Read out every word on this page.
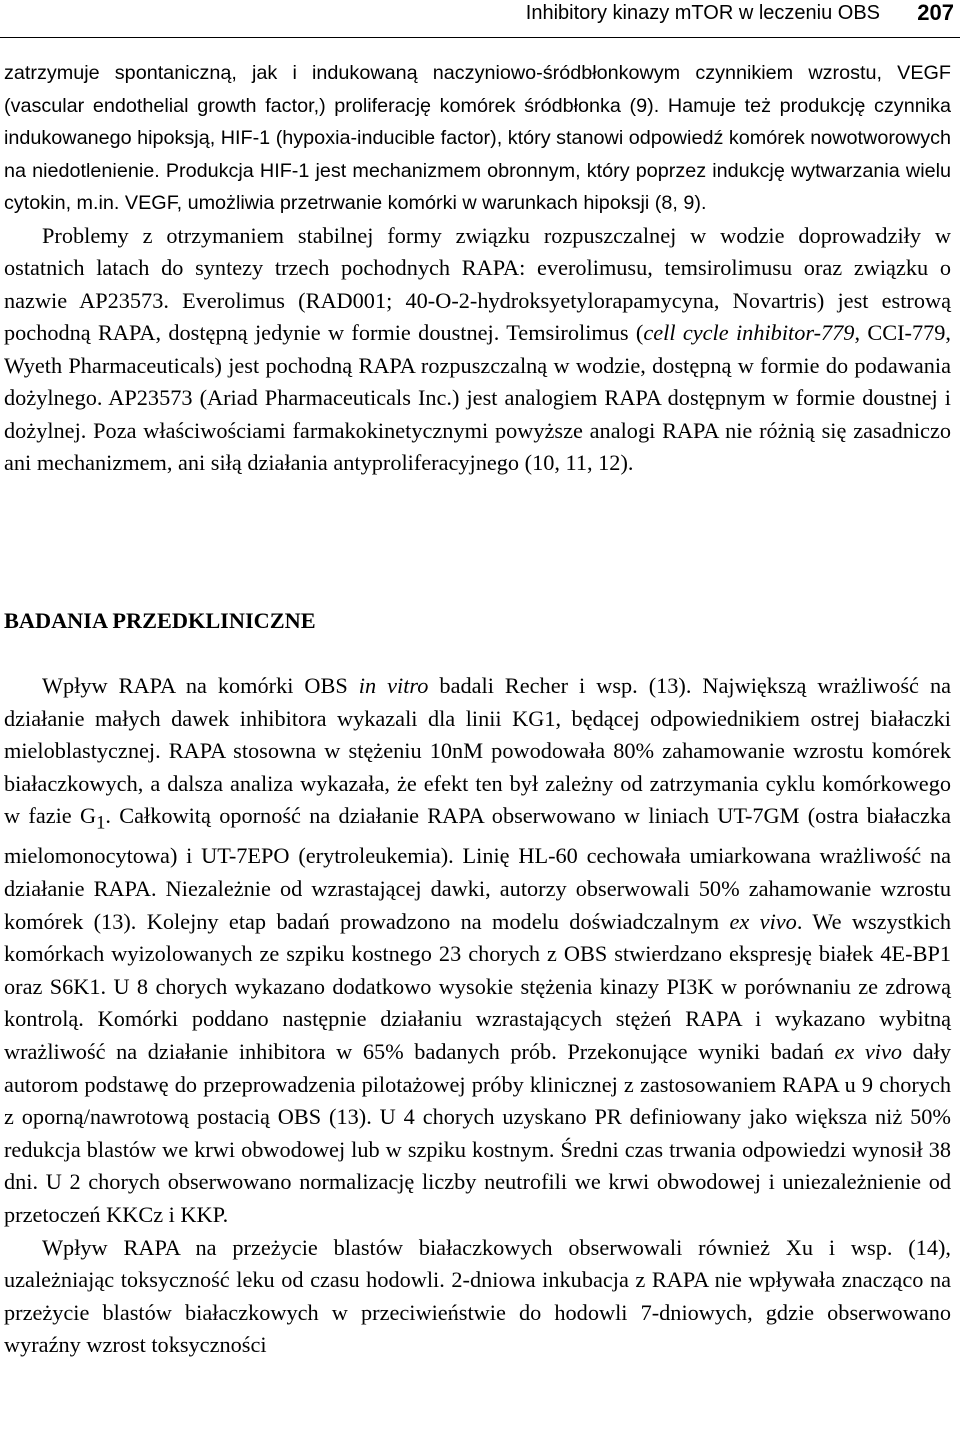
Inhibitory kinazy mTOR w leczeniu OBS 207

zatrzymuje spontaniczną, jak i indukowaną naczyniowo-śródbłonkowym czynnikiem wzrostu, VEGF (vascular endothelial growth factor,) proliferację komórek śródbłonka (9). Hamuje też produkcję czynnika indukowanego hipoksją, HIF-1 (hypoxia-inducible factor), który stanowi odpowiedź komórek nowotworowych na niedotlenienie. Produkcja HIF-1 jest mechanizmem obronnym, który poprzez indukcję wytwarzania wielu cytokin, m.in. VEGF, umożliwia przetrwanie komórki w warunkach hipoksji (8, 9).

Problemy z otrzymaniem stabilnej formy związku rozpuszczalnej w wodzie doprowadziły w ostatnich latach do syntezy trzech pochodnych RAPA: everolimusu, temsirolimusu oraz związku o nazwie AP23573. Everolimus (RAD001; 40-O-2-hydroksyetylorapamycyna, Novartris) jest estrową pochodną RAPA, dostępną jedynie w formie doustnej. Temsirolimus (cell cycle inhibitor-779, CCI-779, Wyeth Pharmaceuticals) jest pochodną RAPA rozpuszczalną w wodzie, dostępną w formie do podawania dożylnego. AP23573 (Ariad Pharmaceuticals Inc.) jest analogiem RAPA dostępnym w formie doustnej i dożylnej. Poza właściwościami farmakokinetycznymi powyższe analogi RAPA nie różnią się zasadniczo ani mechanizmem, ani siłą działania antyproliferacyjnego (10, 11, 12).

BADANIA PRZEDKLINICZNE

Wpływ RAPA na komórki OBS in vitro badali Recher i wsp. (13). Największą wrażliwość na działanie małych dawek inhibitora wykazali dla linii KG1, będącej odpowiednikiem ostrej białaczki mieloblastycznej. RAPA stosowna w stężeniu 10nM powodowała 80% zahamowanie wzrostu komórek białaczkowych, a dalsza analiza wykazała, że efekt ten był zależny od zatrzymania cyklu komórkowego w fazie $G_1$. Całkowitą oporność na działanie RAPA obserwowano w liniach UT-7GM (ostra białaczka mielomonocytowa) i UT-7EPO (erytroleukemia). Linię HL-60 cechowała umiarkowana wrażliwość na działanie RAPA. Niezależnie od wzrastającej dawki, autorzy obserwowali 50% zahamowanie wzrostu komórek (13). Kolejny etap badań prowadzono na modelu doświadczalnym ex vivo. We wszystkich komórkach wyizolowanych ze szpiku kostnego 23 chorych z OBS stwierdzano ekspresję białek 4E-BP1 oraz S6K1. U 8 chorych wykazano dodatkowo wysokie stężenia kinazy PI3K w porównaniu ze zdrową kontrolą. Komórki poddano następnie działaniu wzrastających stężeń RAPA i wykazano wybitną wrażliwość na działanie inhibitora w 65% badanych prób. Przekonujące wyniki badań ex vivo dały autorom podstawę do przeprowadzenia pilotażowej próby klinicznej z zastosowaniem RAPA u 9 chorych z oporną/nawrotową postacią OBS (13). U 4 chorych uzyskano PR definiowany jako większa niż 50% redukcja blastów we krwi obwodowej lub w szpiku kostnym. Średni czas trwania odpowiedzi wynosił 38 dni. U 2 chorych obserwowano normalizację liczby neutrofili we krwi obwodowej i uniezależnienie od przetoczeń KKCz i KKP.

Wpływ RAPA na przeżycie blastów białaczkowych obserwowali również Xu i wsp. (14), uzależniając toksyczność leku od czasu hodowli. 2-dniowa inkubacja z RAPA nie wpływała znacząco na przeżycie blastów białaczkowych w przeciwieństwie do hodowli 7-dniowych, gdzie obserwowano wyraźny wzrost toksyczności
